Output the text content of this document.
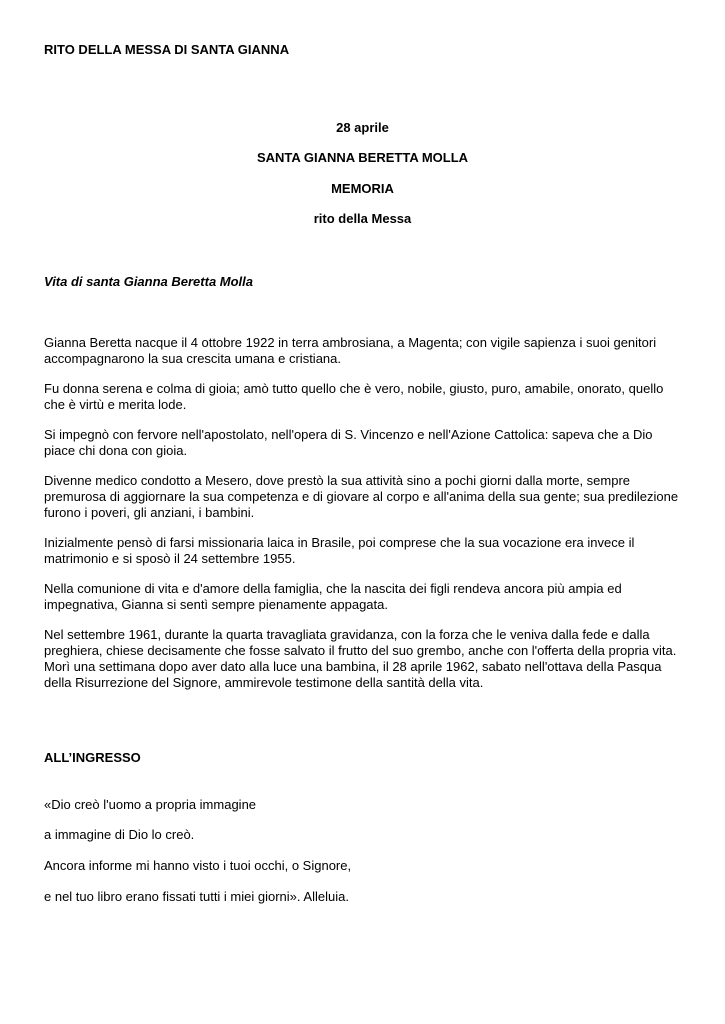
RITO DELLA MESSA DI SANTA GIANNA
28 aprile
SANTA GIANNA BERETTA MOLLA
MEMORIA
rito della Messa
Vita di santa Gianna Beretta Molla

Gianna Beretta nacque il 4 ottobre 1922 in terra ambrosiana, a Magenta; con vigile sapienza i suoi genitori accompagnarono la sua crescita umana e cristiana.

Fu donna serena e colma di gioia; amò tutto quello che è vero, nobile, giusto, puro, amabile, onorato, quello che è virtù e merita lode.

Si impegnò con fervore nell'apostolato, nell'opera di S. Vincenzo e nell'Azione Cattolica: sapeva che a Dio piace chi dona con gioia.

Divenne medico condotto a Mesero, dove prestò la sua attività sino a pochi giorni dalla morte, sempre premurosa di aggiornare la sua competenza e di giovare al corpo e all'anima della sua gente; sua predilezione furono i poveri, gli anziani, i bambini.

Inizialmente pensò di farsi missionaria laica in Brasile, poi comprese che la sua vocazione era invece il matrimonio e si sposò il 24 settembre 1955.

Nella comunione di vita e d'amore della famiglia, che la nascita dei figli rendeva ancora più ampia ed impegnativa, Gianna si sentì sempre pienamente appagata.

Nel settembre 1961, durante la quarta travagliata gravidanza, con la forza che le veniva dalla fede e dalla preghiera, chiese decisamente che fosse salvato il frutto del suo grembo, anche con l'offerta della propria vita. Morì una settimana dopo aver dato alla luce una bambina, il 28 aprile 1962, sabato nell'ottava della Pasqua della Risurrezione del Signore, ammirevole testimone della santità della vita.

ALL’INGRESSO
«Dio creò l'uomo a propria immagine
a immagine di Dio lo creò.
Ancora informe mi hanno visto i tuoi occhi, o Signore,
e nel tuo libro erano fissati tutti i miei giorni». Alleluia.
